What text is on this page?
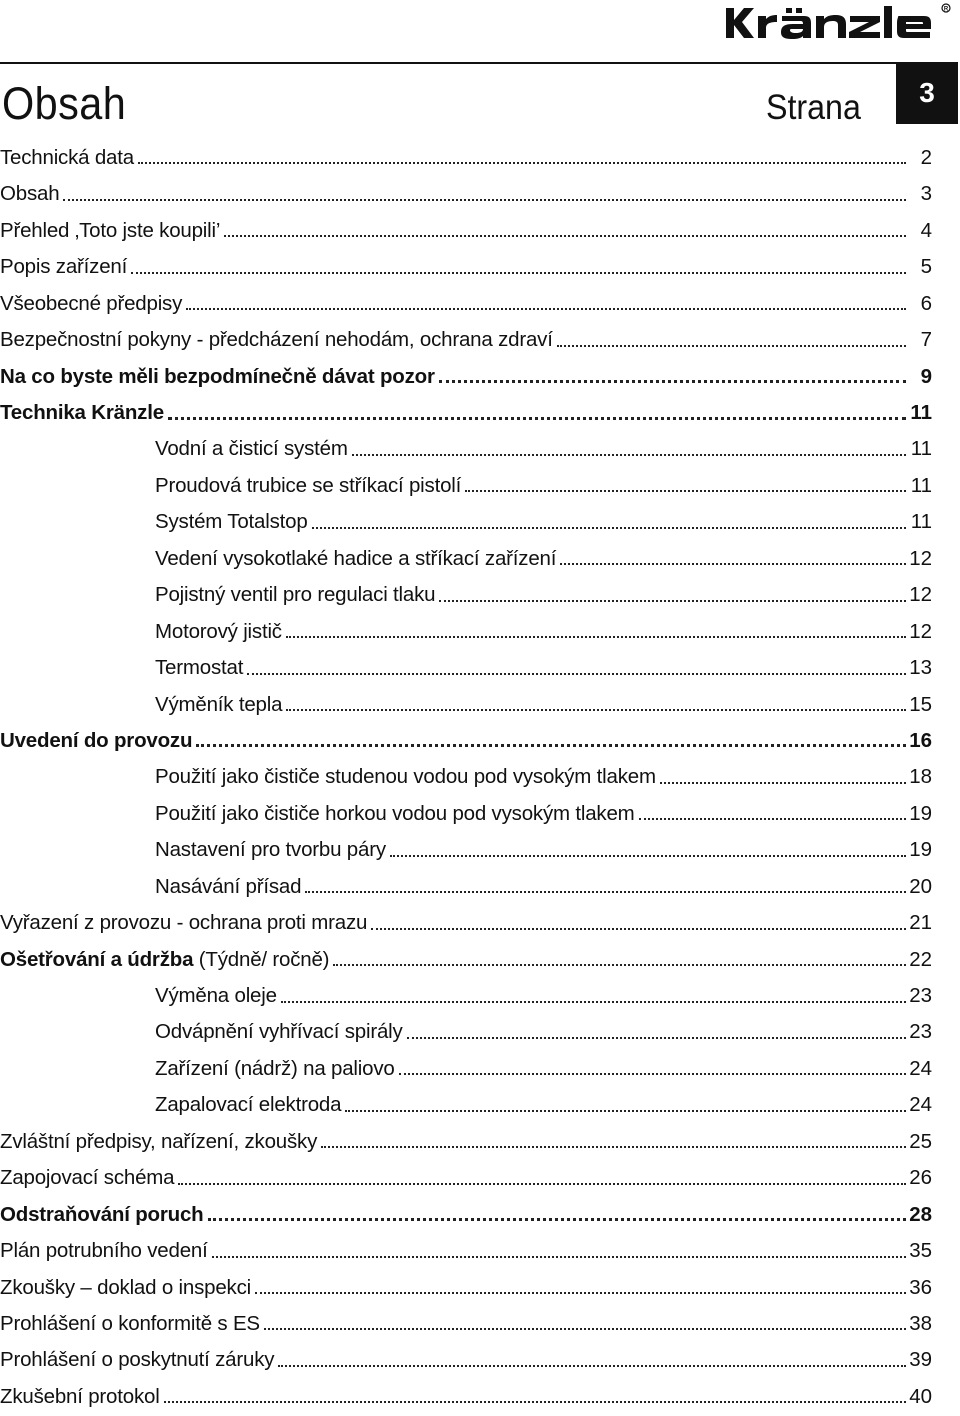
R
3
Obsah	Strana
Technická data	2
Obsah	3
Přehled ‚Toto jste koupili’	4
Popis zařízení	5
Všeobecné předpisy	6
Bezpečnostní pokyny - předcházení nehodám, ochrana zdraví	7
Na co byste měli bezpodmínečně dávat pozor	9
Technika Kränzle	11
Vodní a čisticí systém	11
Proudová trubice se stříkací pistolí	11
Systém Totalstop	11
Vedení vysokotlaké hadice a stříkací zařízení	12
Pojistný ventil pro regulaci tlaku	12
Motorový jistič	12
Termostat	13
Výměník tepla	15
Uvedení do provozu	16
Použití jako čističe studenou vodou pod vysokým tlakem	18
Použití jako čističe horkou vodou pod vysokým tlakem	19
Nastavení pro tvorbu páry	19
Nasávání přísad	20
Vyřazení z provozu - ochrana proti mrazu	21
Ošetřování a údržba (Týdně/ ročně)	22
Výměna oleje	23
Odvápnění vyhřívací spirály	23
Zařízení (nádrž) na paliovo	24
Zapalovací elektroda	24
Zvláštní předpisy, nařízení, zkoušky	25
Zapojovací schéma	26
Odstraňování poruch	28
Plán potrubního vedení	35
Zkoušky – doklad o inspekci	36
Prohlášení o konformitě s ES	38
Prohlášení o poskytnutí záruky	39
Zkušební protokol	40
